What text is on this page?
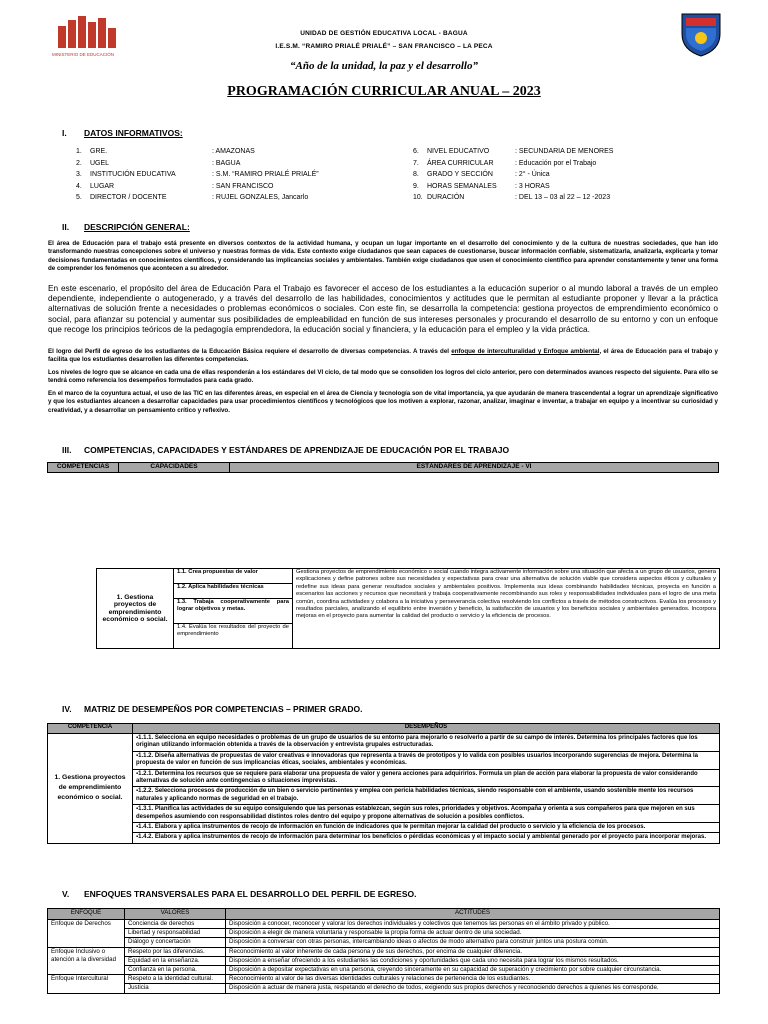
MINISTERIO DE EDUCACIÓN
UNIDAD DE GESTIÓN EDUCATIVA LOCAL - BAGUA
I.E.S.M. “RAMIRO PRIALÉ PRIALÉ” – SAN FRANCISCO – LA PECA
“Año de la unidad, la paz y el desarrollo”
PROGRAMACIÓN CURRICULAR ANUAL – 2023
I. DATOS INFORMATIVOS:
1. GRE.	: AMAZONAS
2. UGEL	: BAGUA
3. INSTITUCIÓN EDUCATIVA	: S.M. “RAMIRO PRIALÉ PRIALÉ”
4. LUGAR	: SAN FRANCISCO
5. DIRECTOR / DOCENTE	: RUJEL GONZALES, Jancarlo
6. NIVEL EDUCATIVO	: SECUNDARIA DE MENORES
7. ÁREA CURRICULAR	: Educación por el Trabajo
8. GRADO Y SECCIÓN	: 2° - Única
9. HORAS SEMANALES	: 3 HORAS
10. DURACIÓN	: DEL 13 – 03 al 22 – 12 -2023
II. DESCRIPCIÓN GENERAL:
El área de Educación para el trabajo está presente en diversos contextos de la actividad humana, y ocupan un lugar importante en el desarrollo del conocimiento y de la cultura de nuestras sociedades, que han ido transformando nuestras concepciones sobre el universo y nuestras formas de vida. Este contexto exige ciudadanos que sean capaces de cuestionarse, buscar información confiable, sistematizarla, analizarla, explicarla y tomar decisiones fundamentadas en conocimientos científicos, y considerando las implicancias sociales y ambientales. También exige ciudadanos que usen el conocimiento científico para aprender constantemente y tener una forma de comprender los fenómenos que acontecen a su alrededor.
En este escenario, el propósito del área de Educación Para el Trabajo es favorecer el acceso de los estudiantes a la educación superior o al mundo laboral a través de un empleo dependiente, independiente o autogenerado, y a través del desarrollo de las habilidades, conocimientos y actitudes que le permitan al estudiante proponer y llevar a la práctica alternativas de solución frente a necesidades o problemas económicos o sociales. Con este fin, se desarrolla la competencia: gestiona proyectos de emprendimiento económico o social, para afianzar su potencial y aumentar sus posibilidades de empleabilidad en función de sus intereses personales y procurando el desarrollo de su entorno y con un enfoque que recoge los principios teóricos de la pedagogía emprendedora, la educación social y financiera, y la educación para el empleo y la vida práctica.
El logro del Perfil de egreso de los estudiantes de la Educación Básica requiere el desarrollo de diversas competencias. A través del enfoque de interculturalidad y Enfoque ambiental, el área de Educación para el trabajo y facilita que los estudiantes desarrollen las diferentes competencias.
Los niveles de logro que se alcance en cada una de ellas responderán a los estándares del VI ciclo, de tal modo que se consoliden los logros del ciclo anterior, pero con determinados avances respecto del siguiente. Para ello se tendrá como referencia los desempeños formulados para cada grado.
En el marco de la coyuntura actual, el uso de las TIC en las diferentes áreas, en especial en el área de Ciencia y tecnología son de vital importancia, ya que ayudarán de manera trascendental a lograr un aprendizaje significativo y que los estudiantes alcancen a desarrollar capacidades para usar procedimientos científicos y tecnológicos que los motiven a explorar, razonar, analizar, imaginar e inventar, a trabajar en equipo y a incentivar su curiosidad y creatividad, y a desarrollar un pensamiento crítico y reflexivo.
III. COMPETENCIAS, CAPACIDADES Y ESTÁNDARES DE APRENDIZAJE DE EDUCACIÓN POR EL TRABAJO
COMPETENCIAS	CAPACIDADES	ESTÁNDARES DE APRENDIZAJE - VI
1. Gestiona proyectos de emprendimiento económico o social.	1.1. Crea propuestas de valor	Gestiona proyectos de emprendimiento económico o social cuando integra activamente información sobre una situación que afecta a un grupo de usuarios, genera explicaciones y define patrones sobre sus necesidades y expectativas para crear una alternativa de solución viable que considera aspectos éticos y culturales y redefine sus ideas para generar resultados sociales y ambientales positivos. Implementa sus ideas combinando habilidades técnicas, proyecta en función a escenarios las acciones y recursos que necesitará y trabaja cooperativamente recombinando sus roles y responsabilidades individuales para el logro de una meta común, coordina actividades y colabora a la iniciativa y perseverancia colectiva resolviendo los conflictos a través de métodos constructivos. Evalúa los procesos y resultados parciales, analizando el equilibrio entre inversión y beneficio, la satisfacción de usuarios y los beneficios sociales y ambientales generados. Incorpora mejoras en el proyecto para aumentar la calidad del producto o servicio y la eficiencia de procesos.
1.2. Aplica habilidades técnicas
1.3. Trabaja cooperativamente para lograr objetivos y metas.
1.4. Evalúa los resultados del proyecto de emprendimiento
IV. MATRIZ DE DESEMPEÑOS POR COMPETENCIAS – PRIMER GRADO.
COMPETENCIA	DESEMPEÑOS
1. Gestiona proyectos de emprendimiento económico o social.	▪1.1.1. Selecciona en equipo necesidades o problemas de un grupo de usuarios de su entorno para mejorarlo o resolverlo a partir de su campo de interés. Determina los principales factores que los originan utilizando información obtenida a través de la observación y entrevista grupales estructuradas.
	▪1.1.2. Diseña alternativas de propuestas de valor creativas e innovadoras que representa a través de prototipos y lo valida con posibles usuarios incorporando sugerencias de mejora. Determina la propuesta de valor en función de sus implicancias éticas, sociales, ambientales y económicas.
	▪1.2.1. Determina los recursos que se requiere para elaborar una propuesta de valor y genera acciones para adquirirlos. Formula un plan de acción para elaborar la propuesta de valor considerando alternativas de solución ante contingencias o situaciones imprevistas.
	▪1.2.2. Selecciona procesos de producción de un bien o servicio pertinentes y emplea con pericia habilidades técnicas, siendo responsable con el ambiente, usando sostenible mente los recursos naturales y aplicando normas de seguridad en el trabajo.
	▪1.3.1. Planifica las actividades de su equipo consiguiendo que las personas establezcan, según sus roles, prioridades y objetivos. Acompaña y orienta a sus compañeros para que mejoren en sus desempeños asumiendo con responsabilidad distintos roles dentro del equipo y propone alternativas de solución a posibles conflictos.
	▪1.4.1. Elabora y aplica instrumentos de recojo de información en función de indicadores que le permitan mejorar la calidad del producto o servicio y la eficiencia de los procesos.
	▪1.4.2. Elabora y aplica instrumentos de recojo de información para determinar los beneficios o pérdidas económicas y el impacto social y ambiental generado por el proyecto para incorporar mejoras.
V. ENFOQUES TRANSVERSALES PARA EL DESARROLLO DEL PERFIL DE EGRESO.
ENFOQUE	VALORES	ACTITUDES
Enfoque de Derechos	Conciencia de derechos	Disposición a conocer, reconocer y valorar los derechos individuales y colectivos que tenemos las personas en el ámbito privado y público.
	Libertad y responsabilidad	Disposición a elegir de manera voluntaria y responsable la propia forma de actuar dentro de una sociedad.
	Diálogo y concertación	Disposición a conversar con otras personas, intercambiando ideas o afectos de modo alternativo para construir juntos una postura común.
Enfoque Inclusivo o atención a la diversidad	Respeto por las diferencias.	Reconocimiento al valor inherente de cada persona y de sus derechos, por encima de cualquier diferencia.
	Equidad en la enseñanza.	Disposición a enseñar ofreciendo a los estudiantes las condiciones y oportunidades que cada uno necesita para lograr los mismos resultados.
	Confianza en la persona.	Disposición a depositar expectativas en una persona, creyendo sinceramente en su capacidad de superación y crecimiento por sobre cualquier circunstancia.
Enfoque Intercultural	Respeto a la identidad cultural.	Reconocimiento al valor de las diversas identidades culturales y relaciones de pertenencia de los estudiantes.
	Justicia	Disposición a actuar de manera justa, respetando el derecho de todos, exigiendo sus propios derechos y reconociendo derechos a quienes les corresponde.
